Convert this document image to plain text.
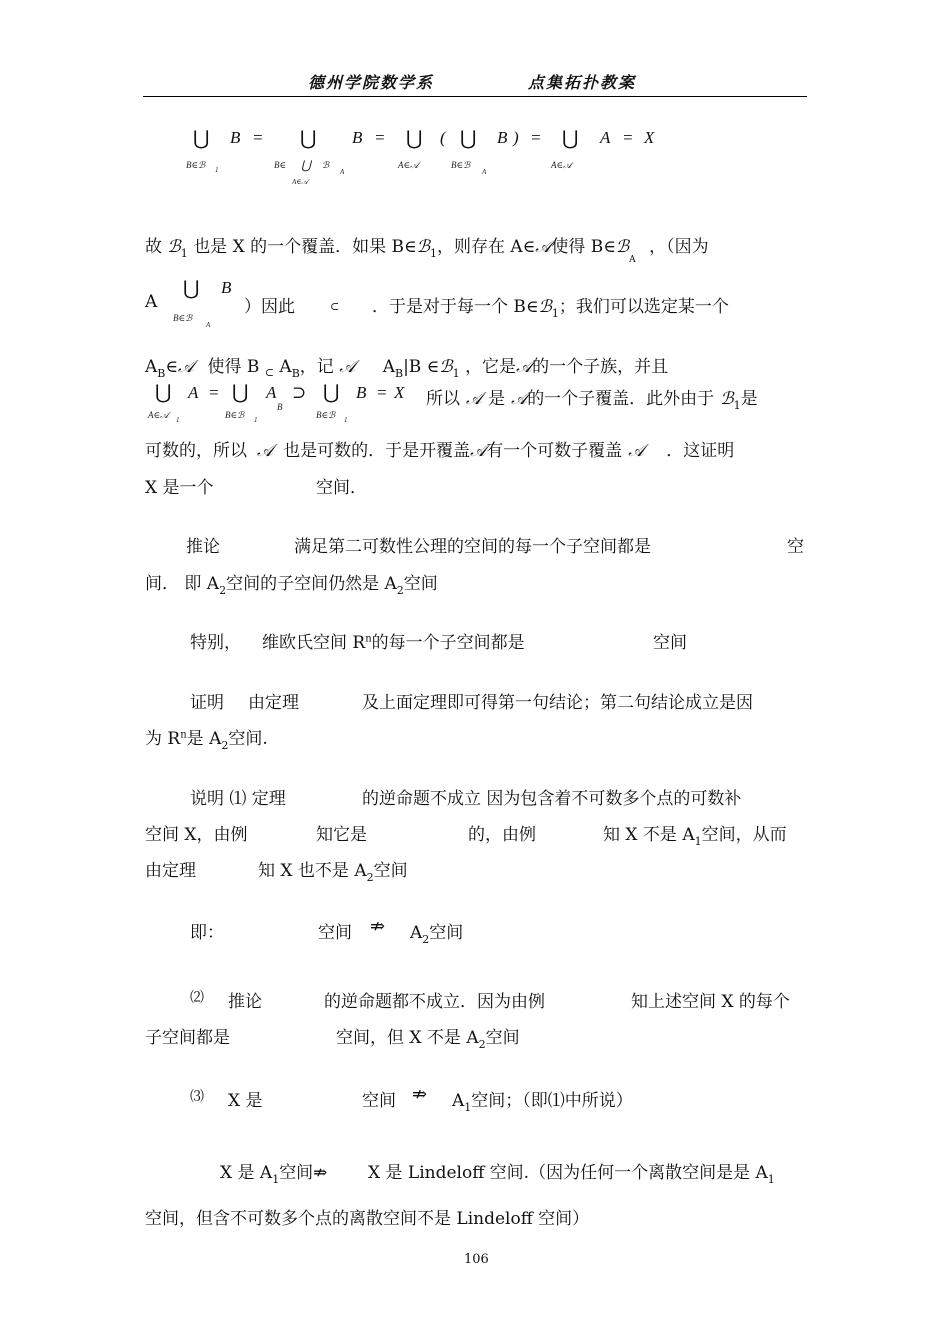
德州学院数学系	点集拓扑教案
⋃ B = ⋃ B = ⋃ ( ⋃ B ) = ⋃ A = X
B∈ℬ 1	B∈ ⋃ ℬ
A
A∈𝒜
A∈𝒜	B∈ℬ
A
A∈𝒜
故 ℬ$_1$ 也是 X 的一个覆盖．如果 B∈ℬ$_1$，则存在 A∈𝒜使得 B∈ℬ$_A$ ，（因为
A
⋃ B
B∈ℬ
A
）因此	⊂ ．于是对于每一个 B∈ℬ$_1$；我们可以选定某一个
$A_B\in 𝒜$ 使得 B $_\subset$ $A_B$，记 𝒜 $A_B|B$ ∈ℬ$_1$ ，它是𝒜的一个子族，并且
⋃ A = ⋃ A ⊃ ⋃ B = X
A∈𝒜 1	B∈ℬ 1
B
B∈ℬ 1
所以 𝒜 是 𝒜的一个子覆盖．此外由于 ℬ$_1$是
可数的，所以 𝒜 也是可数的．于是开覆盖𝒜有一个可数子覆盖 𝒜 ．这证明
X 是一个	空间．
推论	满足第二可数性公理的空间的每一个子空间都是	空
间． 即 $A_2$空间的子空间仍然是 $A_2$空间
特别， 维欧氏空间 $R^n$的每一个子空间都是	空间
证明 由定理	及上面定理即可得第一句结论；第二句结论成立是因
为 $R^n$是 $A_2$空间.
说明 ⑴ 定理	的逆命题不成立 因为包含着不可数多个点的可数补
空间 X，由例	知它是	的，由例	知 X 不是 $A_1$空间，从而
由定理	知 X 也不是 $A_2$空间
即：	空间 ⇏ $A_2$空间
⑵ 推论	的逆命题都不成立．因为由例	知上述空间 X 的每个
子空间都是	空间，但 X 不是 $A_2$空间
⑶ X 是	空间 ⇏ $A_1$空间；（即⑴中所说）
X 是 $A_1$空间⇏ X 是 Lindeloff 空间.（因为任何一个离散空间是是 $A_1$
空间，但含不可数多个点的离散空间不是 Lindeloff 空间）
106
